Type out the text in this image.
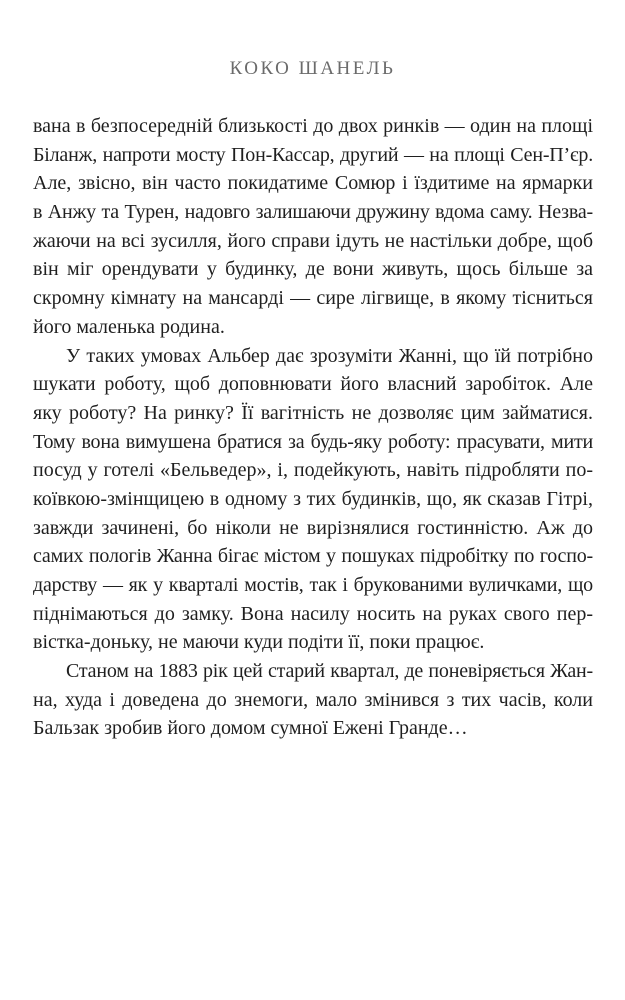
КОКО ШАНЕЛЬ
вана в безпосередній близькості до двох ринків — один на площі
Біланж, напроти мосту Пон-Кассар, другий — на площі Сен-П’єр.
Але, звісно, він часто покидатиме Сомюр і їздитиме на ярмарки
в Анжу та Турен, надовго залишаючи дружину вдома саму. Незва-
жаючи на всі зусилля, його справи ідуть не настільки добре, щоб
він міг орендувати у будинку, де вони живуть, щось більше за
скромну кімнату на мансарді — сире лігвище, в якому тісниться
його маленька родина.
У таких умовах Альбер дає зрозуміти Жанні, що їй потрібно
шукати роботу, щоб доповнювати його власний заробіток. Але
яку роботу? На ринку? Її вагітність не дозволяє цим займатися.
Тому вона вимушена братися за будь-яку роботу: прасувати, мити
посуд у готелі «Бельведер», і, подейкують, навіть підробляти по-
коївкою-змінщицею в одному з тих будинків, що, як сказав Гітрі,
завжди зачинені, бо ніколи не вирізнялися гостинністю. Аж до
самих пологів Жанна бігає містом у пошуках підробітку по госпо-
дарству — як у кварталі мостів, так і брукованими вуличками, що
піднімаються до замку. Вона насилу носить на руках свого пер-
вістка-доньку, не маючи куди подіти її, поки працює.
Станом на 1883 рік цей старий квартал, де поневіряється Жан-
на, худа і доведена до знемоги, мало змінився з тих часів, коли
Бальзак зробив його домом сумної Ежені Гранде…
